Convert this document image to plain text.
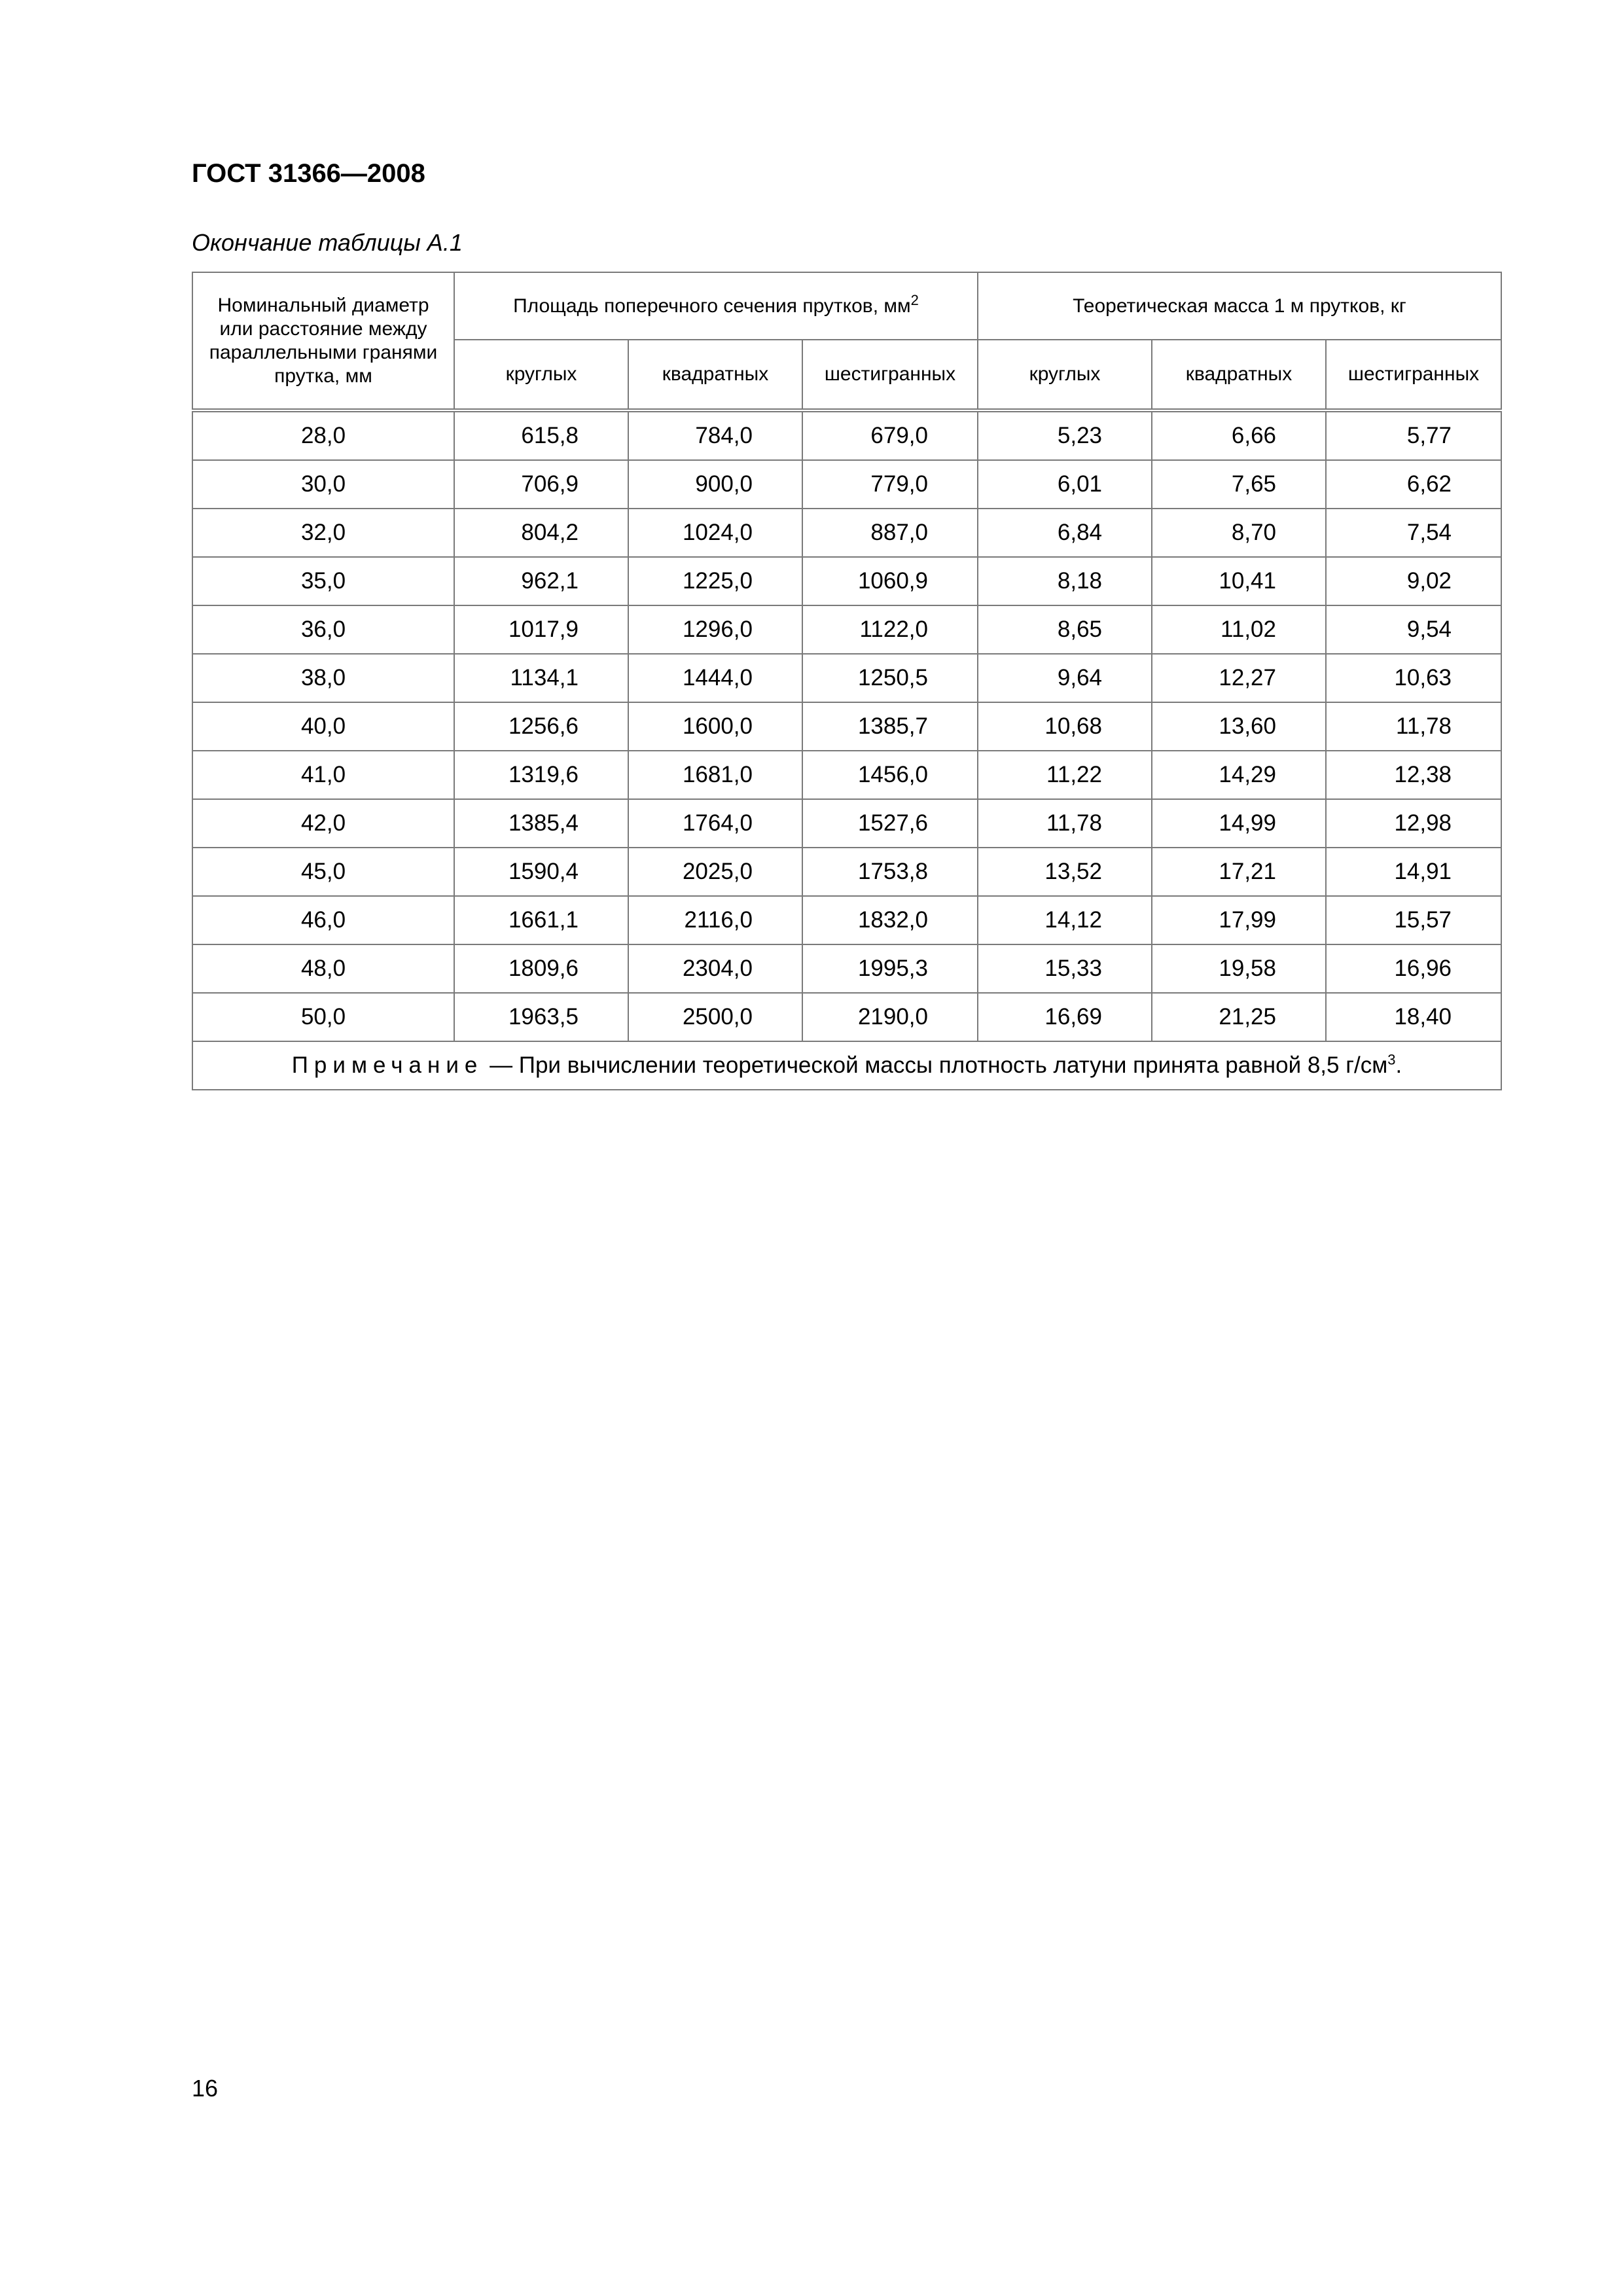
ГОСТ 31366—2008
Окончание таблицы А.1
Номинальный диаметр или расстояние между параллельными гранями прутка, мм	Площадь поперечного сечения прутков, $мм^2$			Теоретическая масса 1 м прутков, кг		
	круглых	квадратных	шестигранных	круглых	квадратных	шестигранных
28,0	615,8	784,0	679,0	5,23	6,66	5,77
30,0	706,9	900,0	779,0	6,01	7,65	6,62
32,0	804,2	1024,0	887,0	6,84	8,70	7,54
35,0	962,1	1225,0	1060,9	8,18	10,41	9,02
36,0	1017,9	1296,0	1122,0	8,65	11,02	9,54
38,0	1134,1	1444,0	1250,5	9,64	12,27	10,63
40,0	1256,6	1600,0	1385,7	10,68	13,60	11,78
41,0	1319,6	1681,0	1456,0	11,22	14,29	12,38
42,0	1385,4	1764,0	1527,6	11,78	14,99	12,98
45,0	1590,4	2025,0	1753,8	13,52	17,21	14,91
46,0	1661,1	2116,0	1832,0	14,12	17,99	15,57
48,0	1809,6	2304,0	1995,3	15,33	19,58	16,96
50,0	1963,5	2500,0	2190,0	16,69	21,25	18,40
Примечание — При вычислении теоретической массы плотность латуни принята равной 8,5 $г/см^3$.						
16
